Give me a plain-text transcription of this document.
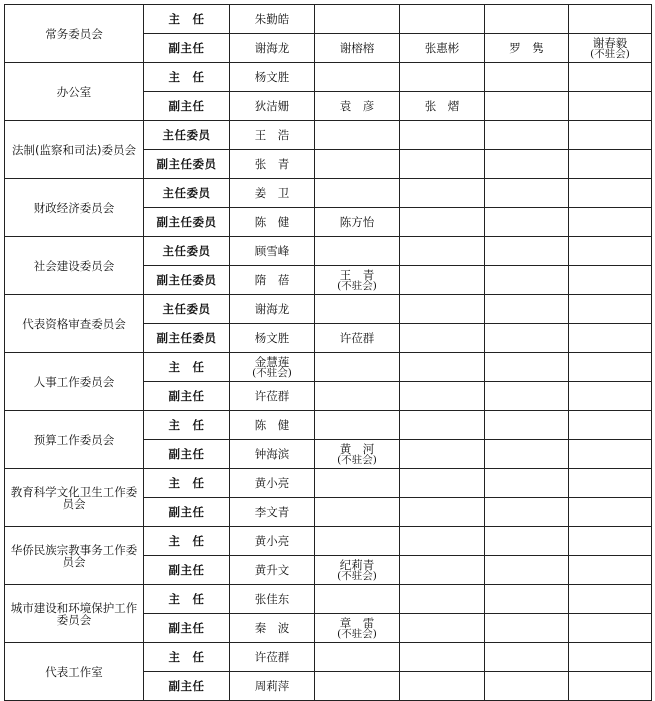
常务委员会	主　任	朱勤皓				

	副主任	谢海龙	谢榕榕	张惠彬	罗　隽	谢春毅
(不驻会)

办公室	主　任	杨文胜				

	副主任	狄洁姗	袁　彦	张　熠		

法制(监察和司法)委员会	主任委员	王　浩				

	副主任委员	张　青				

财政经济委员会	主任委员	姜　卫				

	副主任委员	陈　健	陈方怡			

社会建设委员会	主任委员	顾雪峰				

	副主任委员	隋　蓓	王　青
(不驻会)			

代表资格审查委员会	主任委员	谢海龙				

	副主任委员	杨文胜	许莅群			

人事工作委员会	主　任	金慧莲
(不驻会)				

	副主任	许莅群				

预算工作委员会	主　任	陈　健				

	副主任	钟海滨	黄　河
(不驻会)			

教育科学文化卫生工作委员会	主　任	黄小亮				

	副主任	李文青				

华侨民族宗教事务工作委员会	主　任	黄小亮				

	副主任	黄升文	纪莉青
(不驻会)			

城市建设和环境保护工作委员会	主　任	张佳东				

	副主任	秦　波	章　雷
(不驻会)			

代表工作室	主　任	许莅群				

	副主任	周莉萍				
